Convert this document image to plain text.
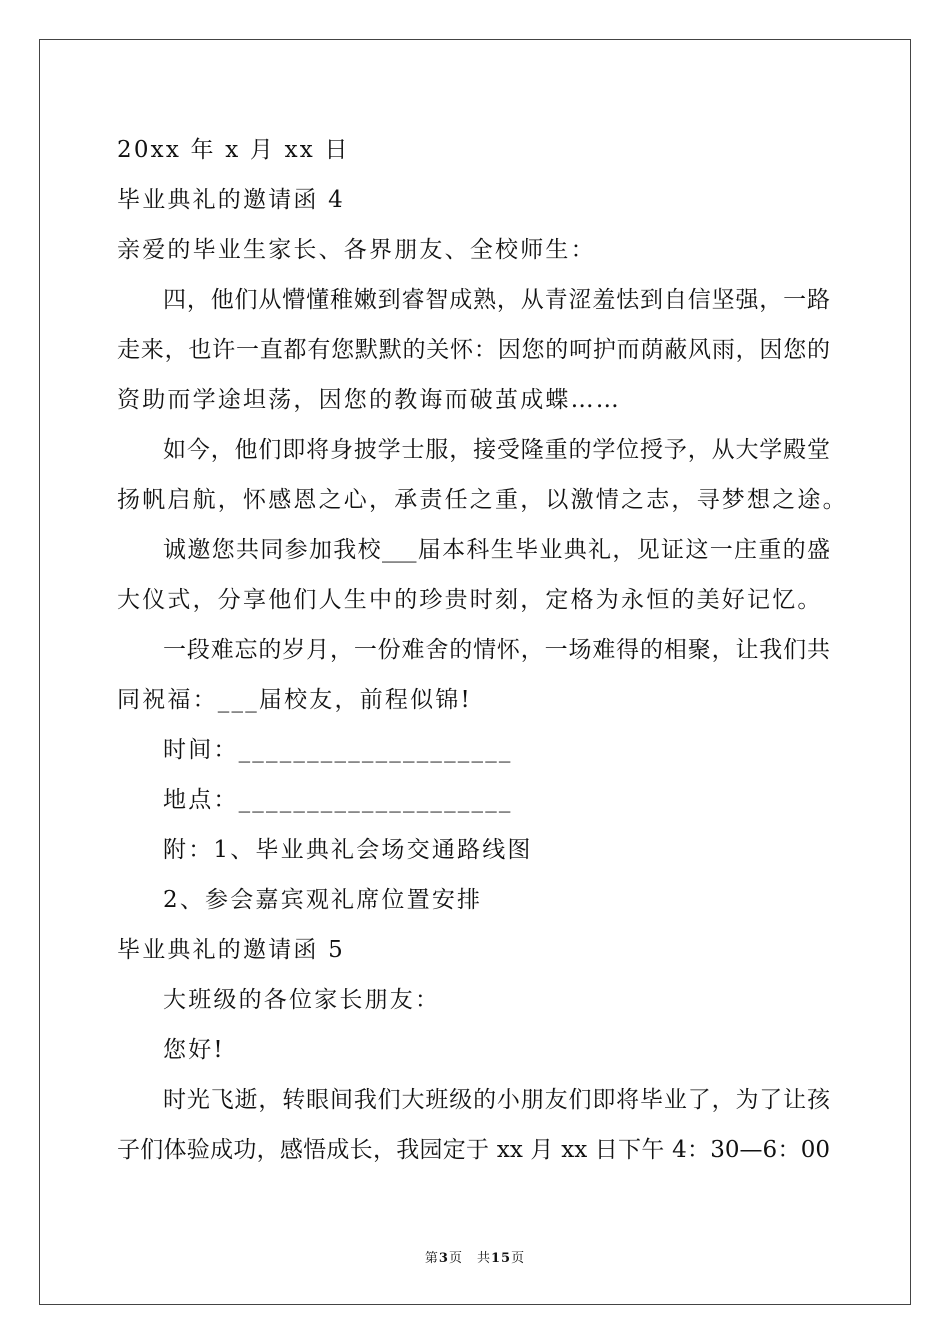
20xx 年 x 月 xx 日
毕业典礼的邀请函 4
亲爱的毕业生家长、各界朋友、全校师生：
四，他们从懵懂稚嫩到睿智成熟，从青涩羞怯到自信坚强，一路
走来，也许一直都有您默默的关怀：因您的呵护而荫蔽风雨，因您的
资助而学途坦荡，因您的教诲而破茧成蝶……
如今，他们即将身披学士服，接受隆重的学位授予，从大学殿堂
扬帆启航，怀感恩之心，承责任之重，以激情之志，寻梦想之途。
诚邀您共同参加我校___届本科生毕业典礼，见证这一庄重的盛
大仪式，分享他们人生中的珍贵时刻，定格为永恒的美好记忆。
一段难忘的岁月，一份难舍的情怀，一场难得的相聚，让我们共
同祝福：___届校友，前程似锦!
时间：____________________
地点：____________________
附：1、毕业典礼会场交通路线图
2、参会嘉宾观礼席位置安排
毕业典礼的邀请函 5
大班级的各位家长朋友：
您好!
时光飞逝，转眼间我们大班级的小朋友们即将毕业了，为了让孩
子们体验成功，感悟成长，我园定于 xx 月 xx 日下午 4：30—6：00
第3页　共15页
